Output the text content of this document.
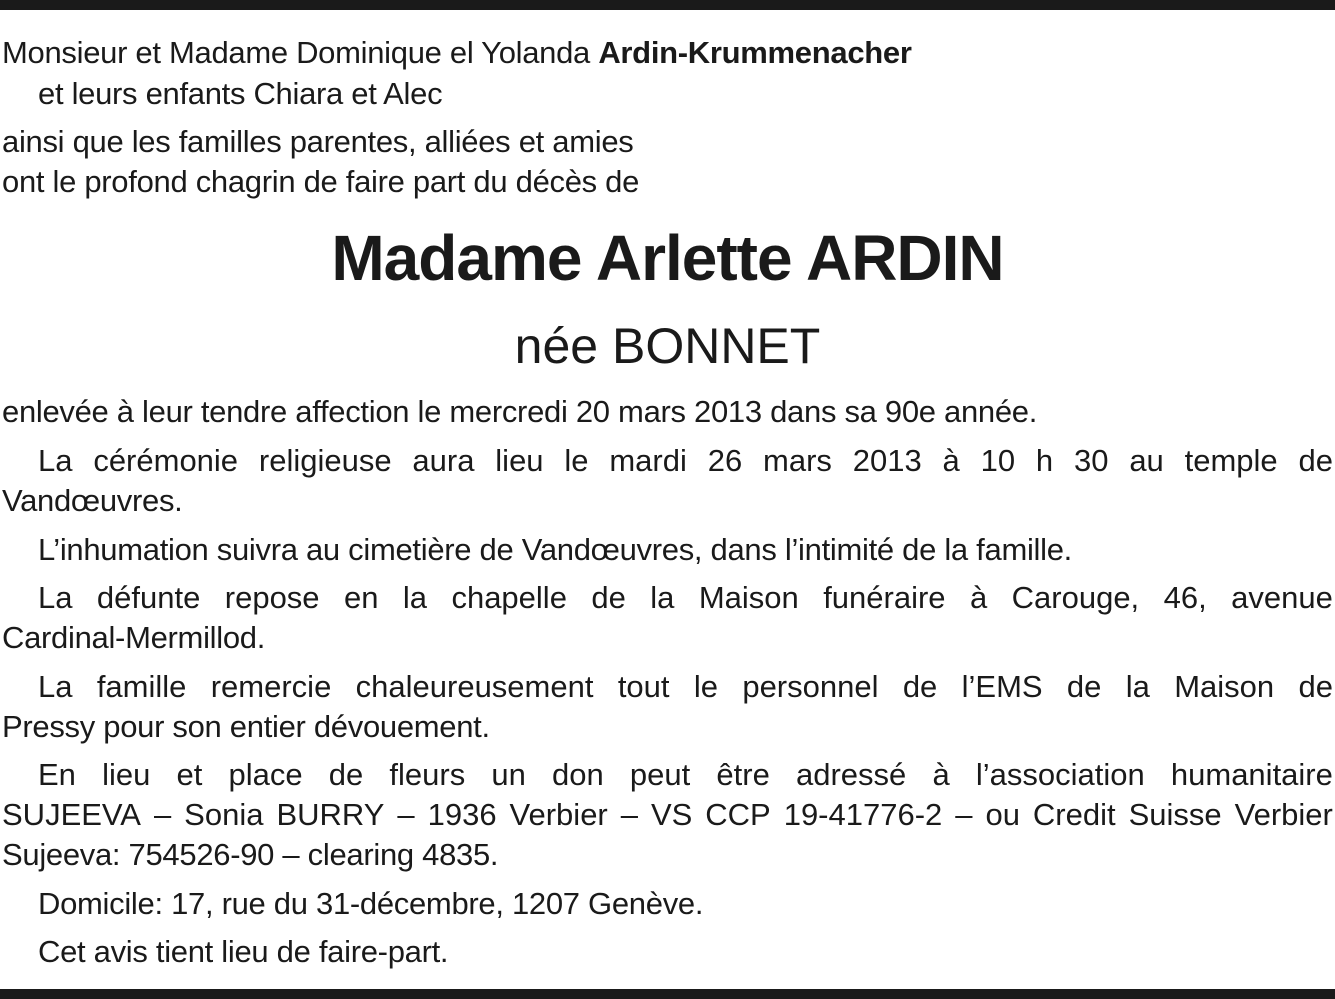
Monsieur et Madame Dominique el Yolanda Ardin-Krummenacher
et leurs enfants Chiara et Alec
ainsi que les familles parentes, alliées et amies
ont le profond chagrin de faire part du décès de
Madame Arlette ARDIN
née BONNET
enlevée à leur tendre affection le mercredi 20 mars 2013 dans sa 90e année.
La cérémonie religieuse aura lieu le mardi 26 mars 2013 à 10 h 30 au temple de
Vandœuvres.
L’inhumation suivra au cimetière de Vandœuvres, dans l’intimité de la famille.
La défunte repose en la chapelle de la Maison funéraire à Carouge, 46, avenue
Cardinal-Mermillod.
La famille remercie chaleureusement tout le personnel de l’EMS de la Maison de
Pressy pour son entier dévouement.
En lieu et place de fleurs un don peut être adressé à l’association humanitaire
SUJEEVA – Sonia BURRY – 1936 Verbier – VS CCP 19-41776-2 – ou Credit Suisse Verbier
Sujeeva: 754526-90 – clearing 4835.
Domicile: 17, rue du 31-décembre, 1207 Genève.
Cet avis tient lieu de faire-part.
